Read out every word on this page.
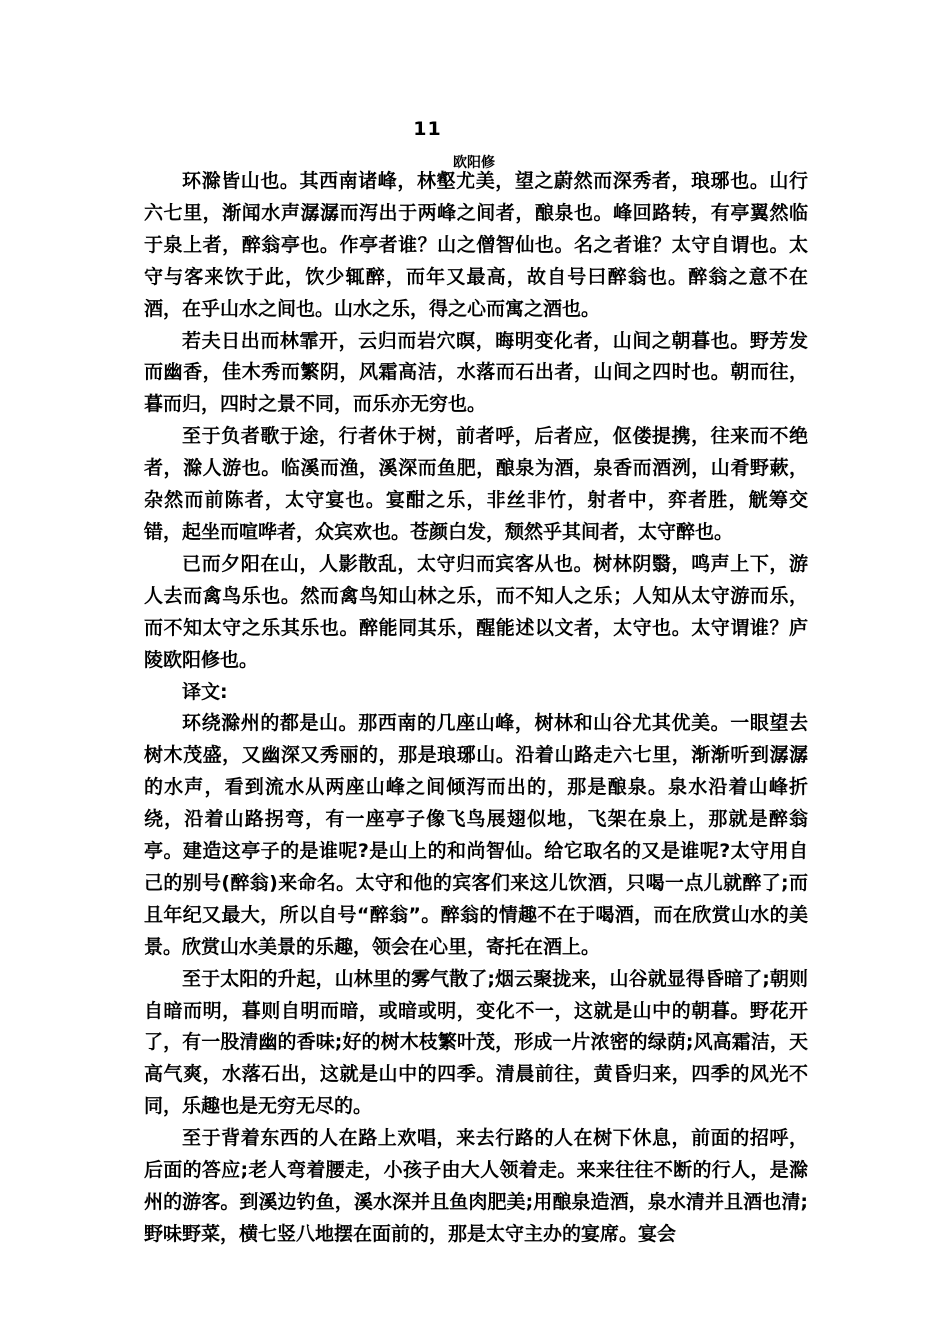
11
欧阳修

环滁皆山也。其西南诸峰，林壑尤美，望之蔚然而深秀者，琅琊也。山行六七里，渐闻水声潺潺而泻出于两峰之间者，酿泉也。峰回路转，有亭翼然临于泉上者，醉翁亭也。作亭者谁？山之僧智仙也。名之者谁？太守自谓也。太守与客来饮于此，饮少辄醉，而年又最高，故自号曰醉翁也。醉翁之意不在酒，在乎山水之间也。山水之乐，得之心而寓之酒也。

若夫日出而林霏开，云归而岩穴暝，晦明变化者，山间之朝暮也。野芳发而幽香，佳木秀而繁阴，风霜高洁，水落而石出者，山间之四时也。朝而往，暮而归，四时之景不同，而乐亦无穷也。

至于负者歌于途，行者休于树，前者呼，后者应，伛偻提携，往来而不绝者，滁人游也。临溪而渔，溪深而鱼肥，酿泉为酒，泉香而酒洌，山肴野蔌，杂然而前陈者，太守宴也。宴酣之乐，非丝非竹，射者中，弈者胜，觥筹交错，起坐而喧哗者，众宾欢也。苍颜白发，颓然乎其间者，太守醉也。

已而夕阳在山，人影散乱，太守归而宾客从也。树林阴翳，鸣声上下，游人去而禽鸟乐也。然而禽鸟知山林之乐，而不知人之乐；人知从太守游而乐，而不知太守之乐其乐也。醉能同其乐，醒能述以文者，太守也。太守谓谁？庐陵欧阳修也。

译文:

环绕滁州的都是山。那西南的几座山峰，树林和山谷尤其优美。一眼望去树木茂盛，又幽深又秀丽的，那是琅琊山。沿着山路走六七里，渐渐听到潺潺的水声，看到流水从两座山峰之间倾泻而出的，那是酿泉。泉水沿着山峰折绕，沿着山路拐弯，有一座亭子像飞鸟展翅似地，飞架在泉上，那就是醉翁亭。建造这亭子的是谁呢?是山上的和尚智仙。给它取名的又是谁呢?太守用自己的别号(醉翁)来命名。太守和他的宾客们来这儿饮酒，只喝一点儿就醉了;而且年纪又最大，所以自号“醉翁”。醉翁的情趣不在于喝酒，而在欣赏山水的美景。欣赏山水美景的乐趣，领会在心里，寄托在酒上。

至于太阳的升起，山林里的雾气散了;烟云聚拢来，山谷就显得昏暗了;朝则自暗而明，暮则自明而暗，或暗或明，变化不一，这就是山中的朝暮。野花开了，有一股清幽的香味;好的树木枝繁叶茂，形成一片浓密的绿荫;风高霜洁，天高气爽，水落石出，这就是山中的四季。清晨前往，黄昏归来，四季的风光不同，乐趣也是无穷无尽的。

至于背着东西的人在路上欢唱，来去行路的人在树下休息，前面的招呼，后面的答应;老人弯着腰走，小孩子由大人领着走。来来往往不断的行人，是滁州的游客。到溪边钓鱼，溪水深并且鱼肉肥美;用酿泉造酒，泉水清并且酒也清;野味野菜，横七竖八地摆在面前的，那是太守主办的宴席。宴会
